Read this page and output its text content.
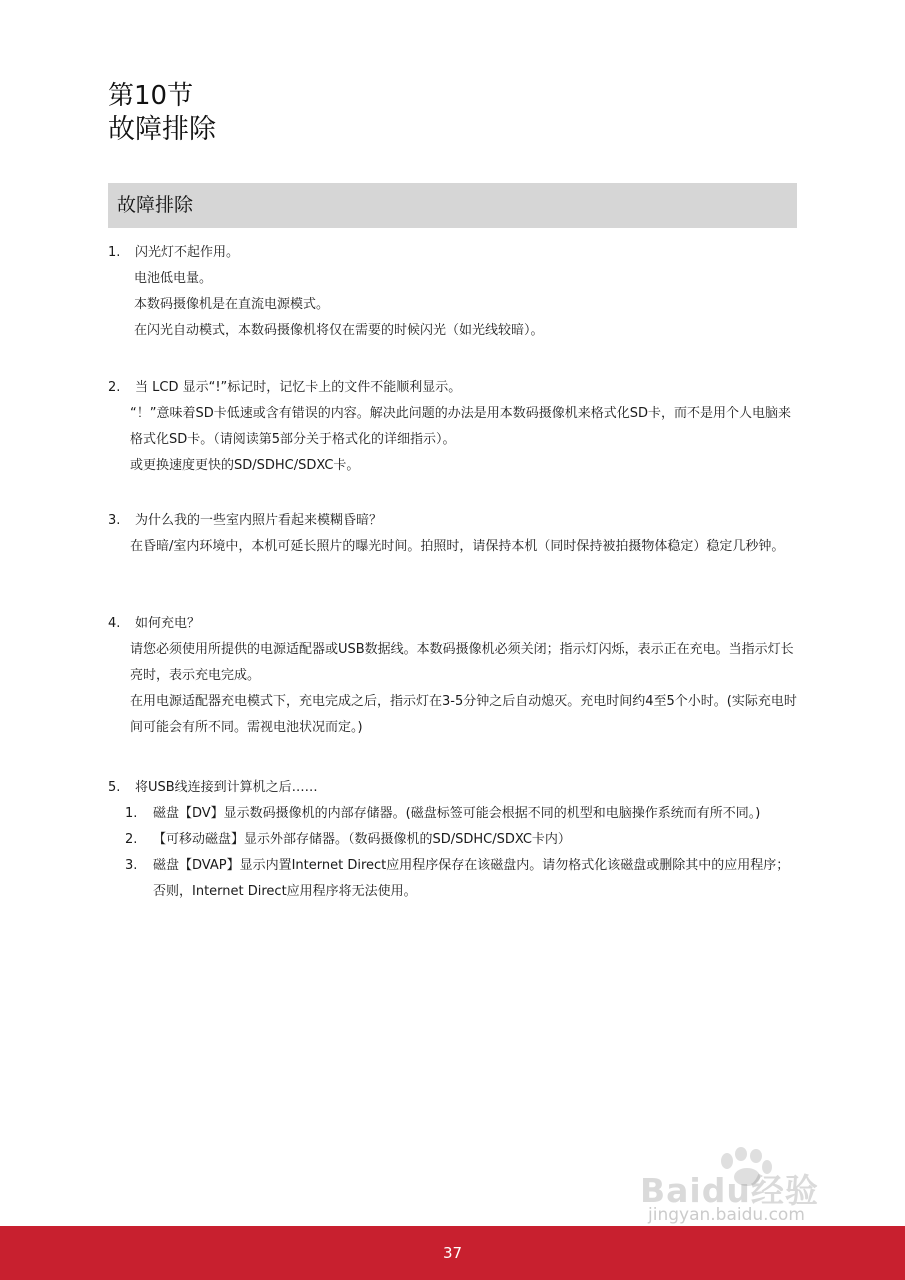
第10节
故障排除
故障排除
1. 闪光灯不起作用。

电池低电量。

本数码摄像机是在直流电源模式。

在闪光自动模式，本数码摄像机将仅在需要的时候闪光（如光线较暗）。

2. 当 LCD 显示“!”标记时，记忆卡上的文件不能顺利显示。

“！”意味着SD卡低速或含有错误的内容。解决此问题的办法是用本数码摄像机来格式化SD卡，而不是用个人电脑来格式化SD卡。（请阅读第5部分关于格式化的详细指示）。

或更换速度更快的SD/SDHC/SDXC卡。

3. 为什么我的一些室内照片看起来模糊昏暗？

在昏暗/室内环境中，本机可延长照片的曝光时间。拍照时，请保持本机（同时保持被拍摄物体稳定）稳定几秒钟。

4. 如何充电？

请您必须使用所提供的电源适配器或USB数据线。本数码摄像机必须关闭；指示灯闪烁，表示正在充电。当指示灯长亮时，表示充电完成。

在用电源适配器充电模式下，充电完成之后，指示灯在3-5分钟之后自动熄灭。充电时间约4至5个小时。(实际充电时间可能会有所不同。需视电池状况而定。)

5. 将USB线连接到计算机之后……
1.	磁盘【DV】显示数码摄像机的内部存储器。(磁盘标签可能会根据不同的机型和电脑操作系统而有所不同。)
2.	【可移动磁盘】显示外部存储器。（数码摄像机的SD/SDHC/SDXC卡内）
3.	磁盘【DVAP】显示内置Internet Direct应用程序保存在该磁盘内。请勿格式化该磁盘或删除其中的应用程序；否则，Internet Direct应用程序将无法使用。
Baidu经验
jingyan.baidu.com
37
